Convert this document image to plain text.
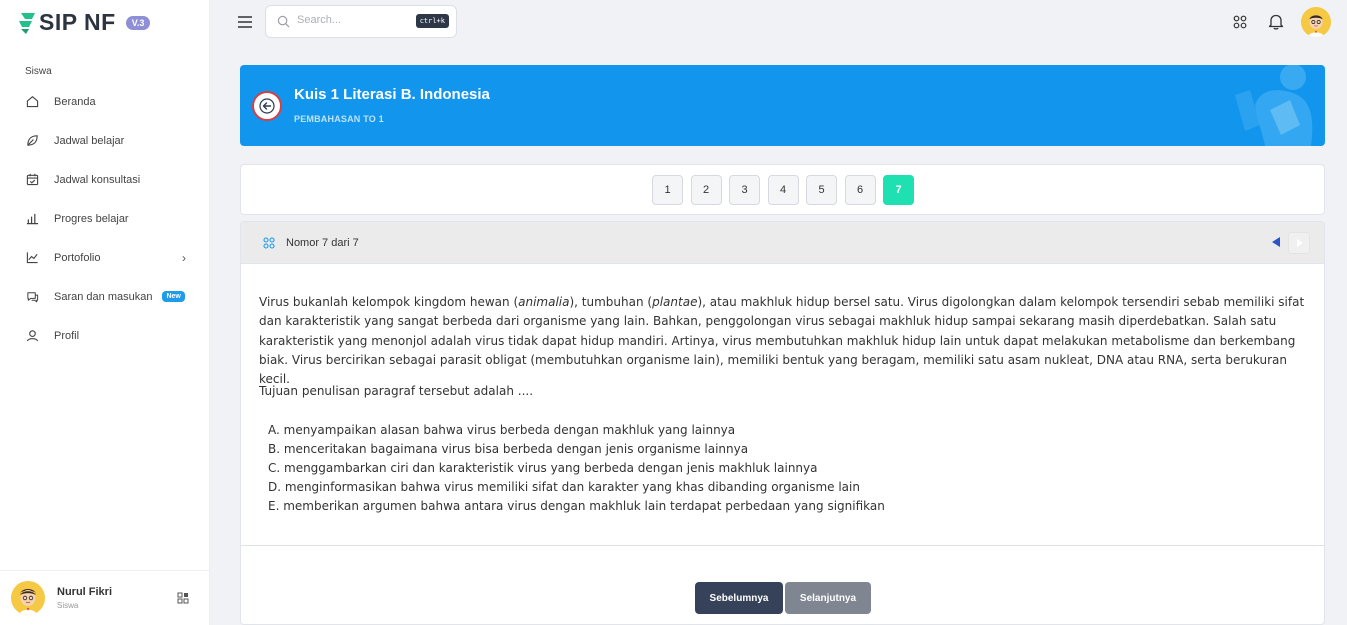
SIP NF	V.3
Siswa
Beranda
Jadwal belajar
Jadwal konsultasi
Progres belajar
Portofolio	›
Saran dan masukan	New
Profil
Nurul Fikri
Siswa
Search...
ctrl+k
Kuis 1 Literasi B. Indonesia
PEMBAHASAN TO 1
1	2	3	4	5	6	7
Nomor 7 dari 7
Virus bukanlah kelompok kingdom hewan (animalia), tumbuhan (plantae), atau makhluk hidup bersel satu. Virus digolongkan dalam kelompok tersendiri sebab memiliki sifat dan karakteristik yang sangat berbeda dari organisme yang lain. Bahkan, penggolongan virus sebagai makhluk hidup sampai sekarang masih diperdebatkan. Salah satu karakteristik yang menonjol adalah virus tidak dapat hidup mandiri. Artinya, virus membutuhkan makhluk hidup lain untuk dapat melakukan metabolisme dan berkembang biak. Virus bercirikan sebagai parasit obligat (membutuhkan organisme lain), memiliki bentuk yang beragam, memiliki satu asam nukleat, DNA atau RNA, serta berukuran kecil.
Tujuan penulisan paragraf tersebut adalah ....
A. menyampaikan alasan bahwa virus berbeda dengan makhluk yang lainnya
B. menceritakan bagaimana virus bisa berbeda dengan jenis organisme lainnya
C. menggambarkan ciri dan karakteristik virus yang berbeda dengan jenis makhluk lainnya
D. menginformasikan bahwa virus memiliki sifat dan karakter yang khas dibanding organisme lain
E. memberikan argumen bahwa antara virus dengan makhluk lain terdapat perbedaan yang signifikan
Sebelumnya	Selanjutnya
